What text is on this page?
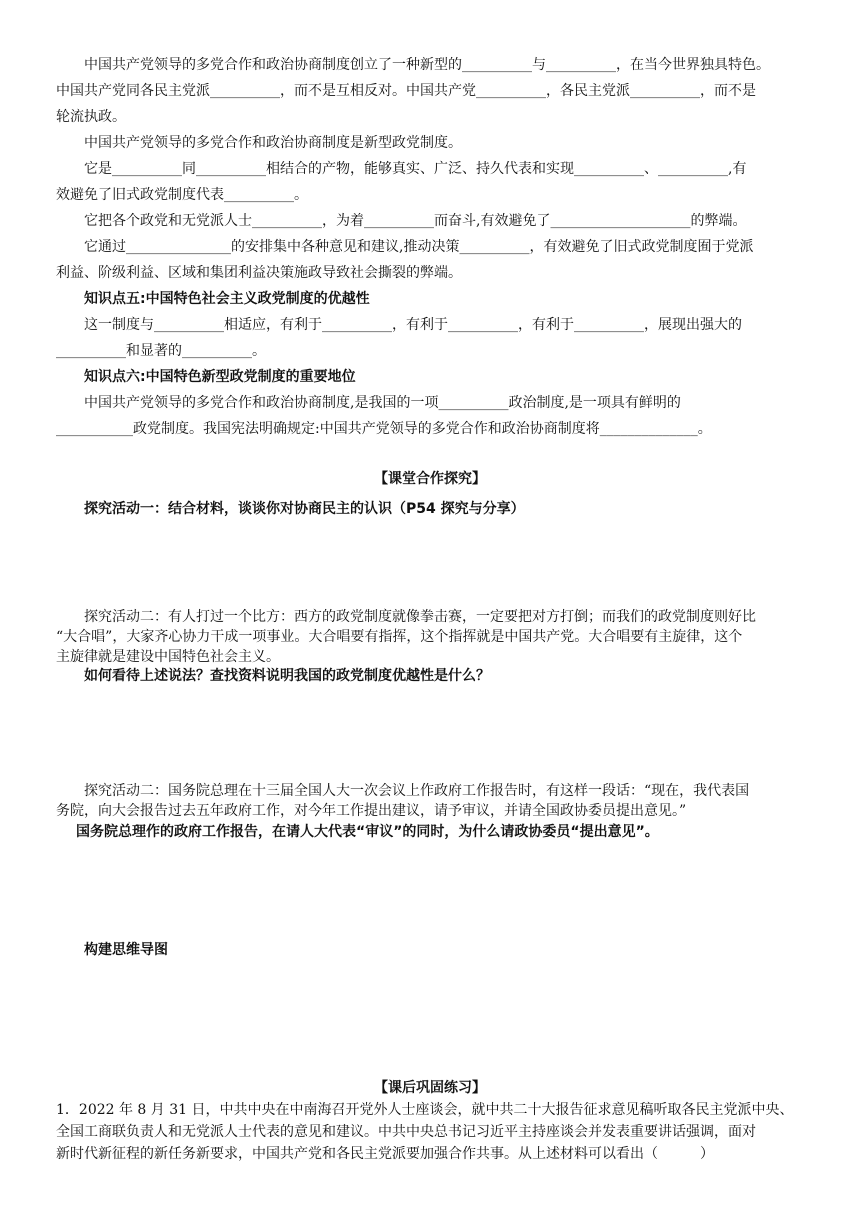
中国共产党领导的多党合作和政治协商制度创立了一种新型的__________与__________，在当今世界独具特色。
中国共产党同各民主党派__________，而不是互相反对。中国共产党__________，各民主党派__________，而不是
轮流执政。
中国共产党领导的多党合作和政治协商制度是新型政党制度。
它是__________同__________相结合的产物，能够真实、广泛、持久代表和实现__________、__________,有
效避免了旧式政党制度代表__________。
它把各个政党和无党派人士__________，为着__________而奋斗,有效避免了____________________的弊端。
它通过_______________的安排集中各种意见和建议,推动决策__________，有效避免了旧式政党制度囿于党派
利益、阶级利益、区域和集团利益决策施政导致社会撕裂的弊端。
知识点五:中国特色社会主义政党制度的优越性
这一制度与__________相适应，有利于__________，有利于__________，有利于__________，展现出强大的
__________和显著的__________。
知识点六:中国特色新型政党制度的重要地位
中国共产党领导的多党合作和政治协商制度,是我国的一项__________政治制度,是一项具有鲜明的
___________政党制度。我国宪法明确规定:中国共产党领导的多党合作和政治协商制度将______________。
【课堂合作探究】
探究活动一：结合材料，谈谈你对协商民主的认识（P54 探究与分享）
探究活动二：有人打过一个比方：西方的政党制度就像拳击赛，一定要把对方打倒；而我们的政党制度则好比
“大合唱”，大家齐心协力干成一项事业。大合唱要有指挥，这个指挥就是中国共产党。大合唱要有主旋律，这个
主旋律就是建设中国特色社会主义。
如何看待上述说法？查找资料说明我国的政党制度优越性是什么？
探究活动二：国务院总理在十三届全国人大一次会议上作政府工作报告时，有这样一段话：“现在，我代表国
务院，向大会报告过去五年政府工作，对今年工作提出建议，请予审议，并请全国政协委员提出意见。”
国务院总理作的政府工作报告，在请人大代表“审议”的同时，为什么请政协委员“提出意见”。
构建思维导图
【课后巩固练习】
1．2022 年 8 月 31 日，中共中央在中南海召开党外人士座谈会，就中共二十大报告征求意见稿听取各民主党派中央、
全国工商联负责人和无党派人士代表的意见和建议。中共中央总书记习近平主持座谈会并发表重要讲话强调，面对
新时代新征程的新任务新要求，中国共产党和各民主党派要加强合作共事。从上述材料可以看出（　　　）
